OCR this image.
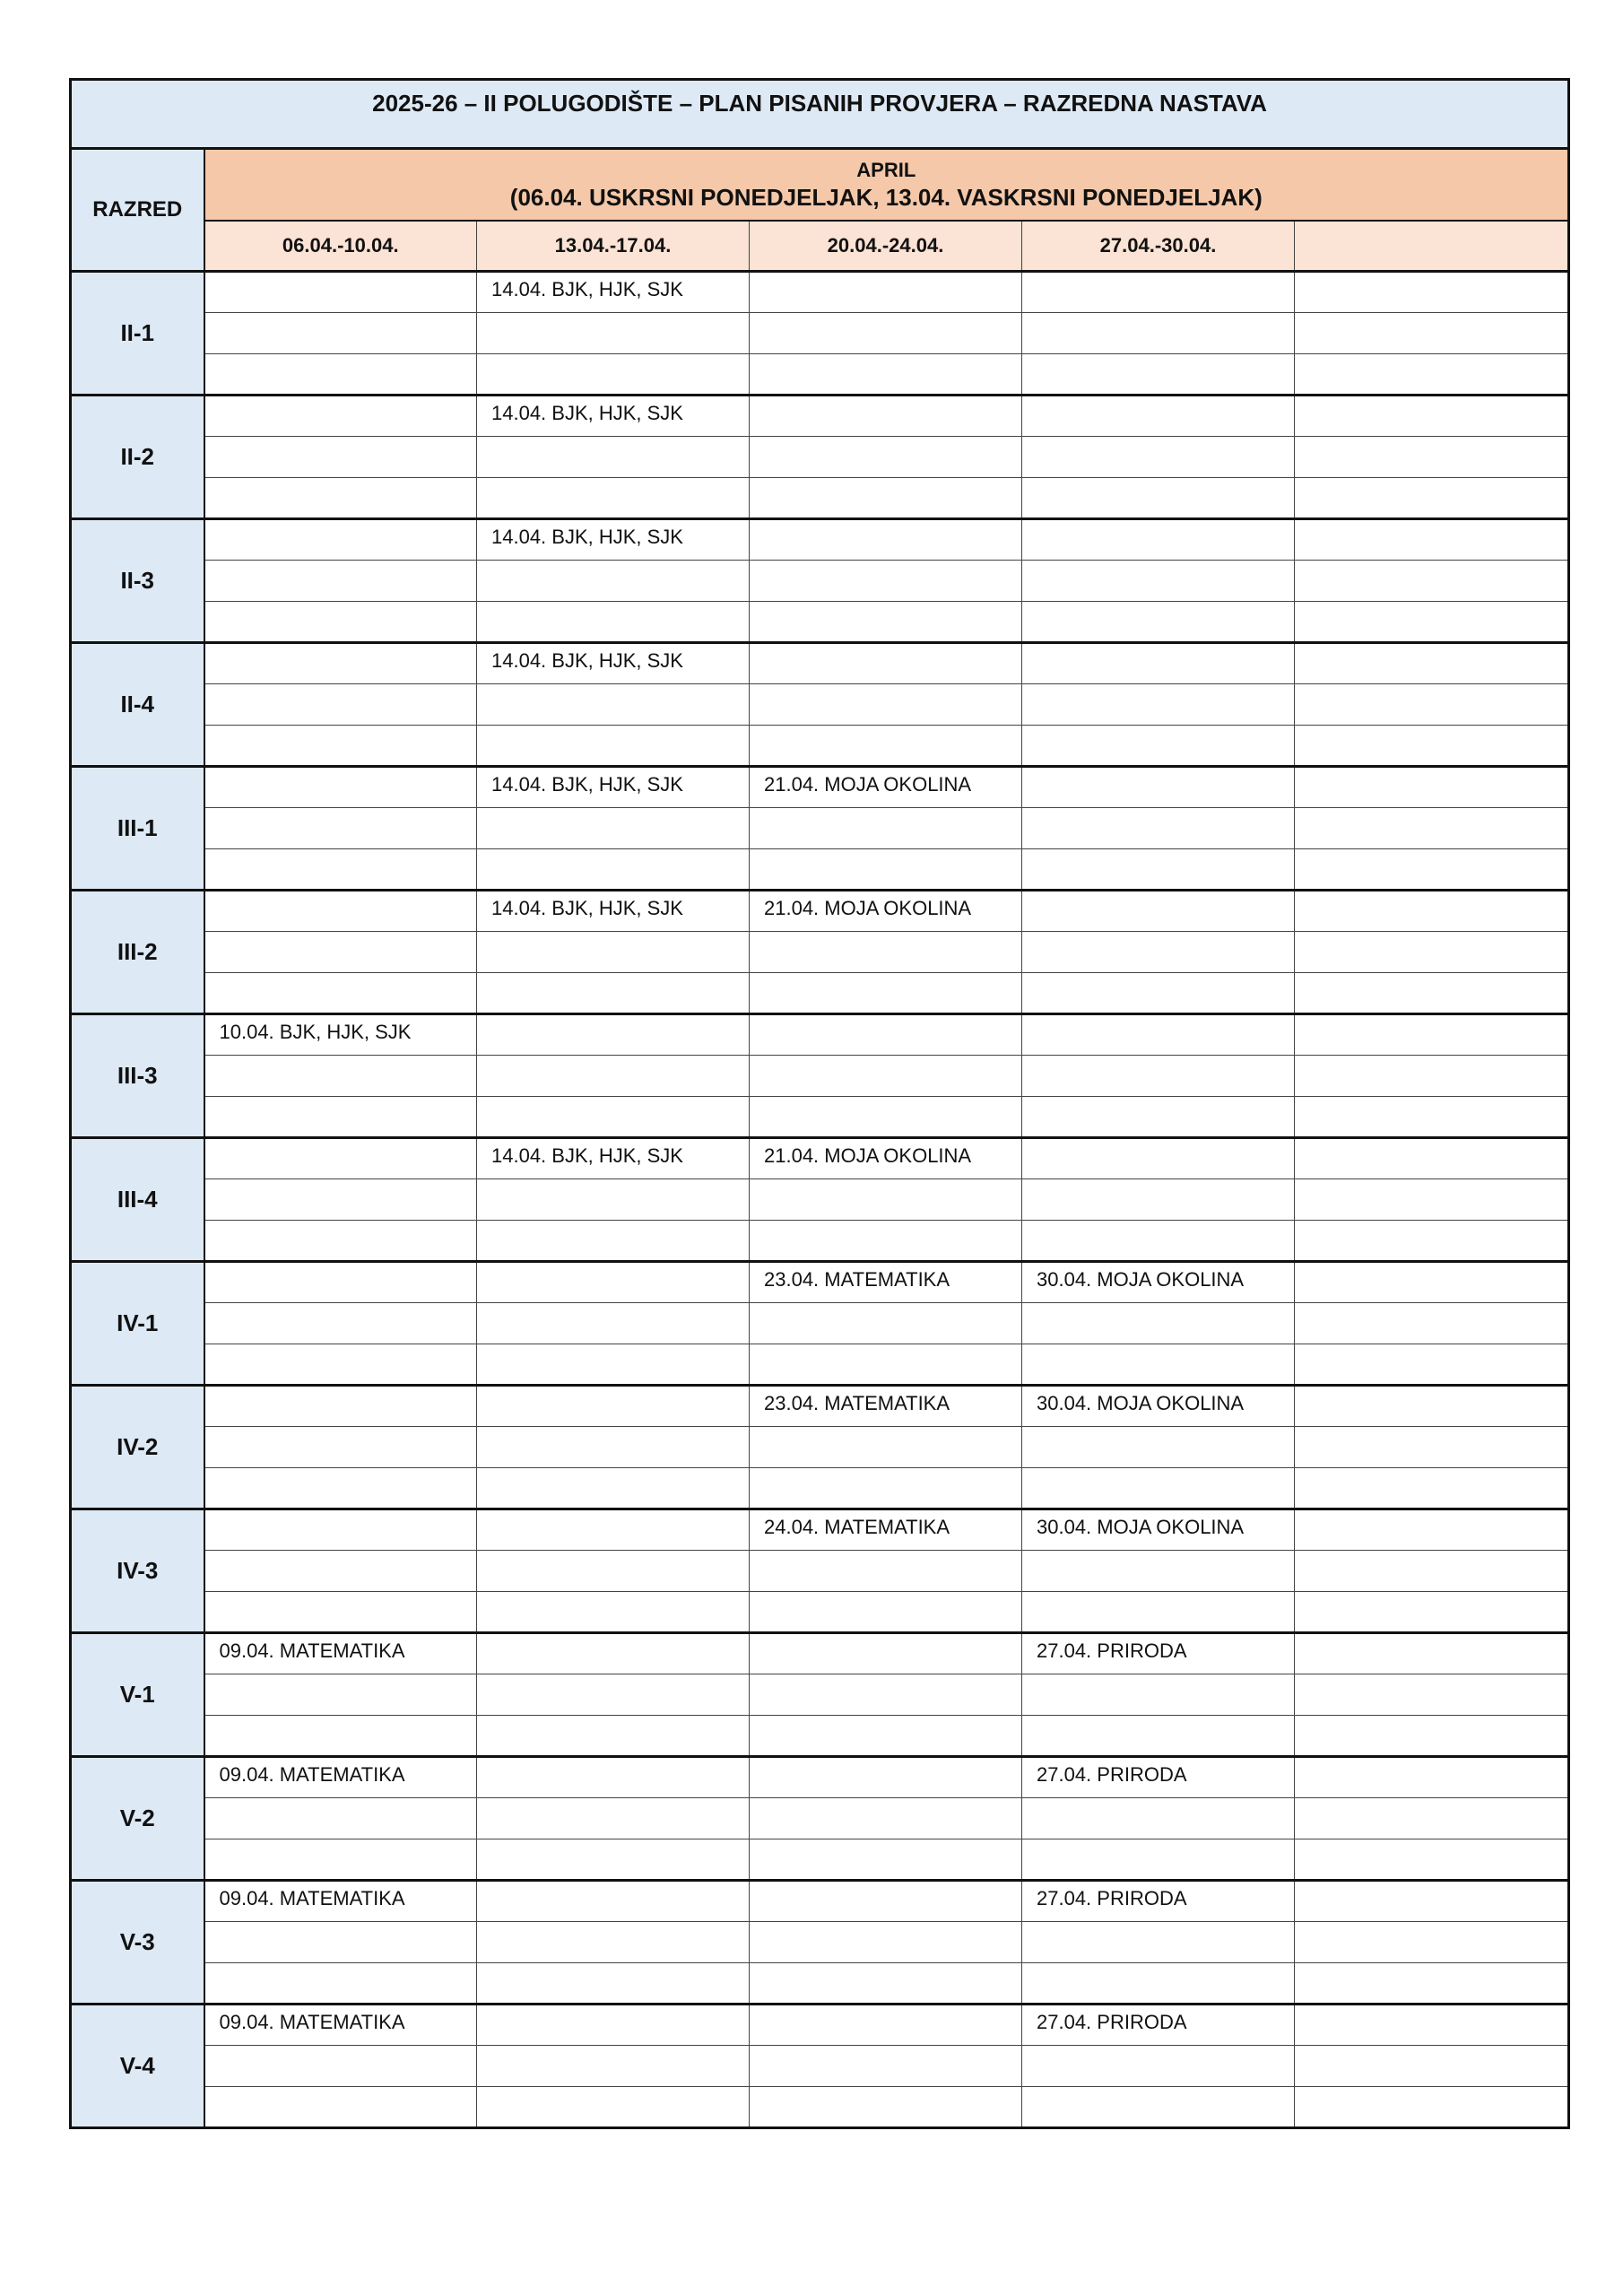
2025-26 – II POLUGODIŠTE – PLAN PISANIH PROVJERA – RAZREDNA NASTAVA					
RAZRED	APRIL
(06.04. USKRSNI PONEDJELJAK, 13.04. VASKRSNI PONEDJELJAK)				

	06.04.-10.04.	13.04.-17.04.	20.04.-24.04.	27.04.-30.04.	
II-1		14.04. BJK, HJK, SJK			

II-2		14.04. BJK, HJK, SJK			

II-3		14.04. BJK, HJK, SJK			

II-4		14.04. BJK, HJK, SJK			

III-1		14.04. BJK, HJK, SJK	21.04. MOJA OKOLINA		

III-2		14.04. BJK, HJK, SJK	21.04. MOJA OKOLINA		

III-3	10.04. BJK, HJK, SJK				

III-4		14.04. BJK, HJK, SJK	21.04. MOJA OKOLINA		

IV-1			23.04. MATEMATIKA	30.04. MOJA OKOLINA	

IV-2			23.04. MATEMATIKA	30.04. MOJA OKOLINA	

IV-3			24.04. MATEMATIKA	30.04. MOJA OKOLINA	

V-1	09.04. MATEMATIKA			27.04. PRIRODA	

V-2	09.04. MATEMATIKA			27.04. PRIRODA	

V-3	09.04. MATEMATIKA			27.04. PRIRODA	

V-4	09.04. MATEMATIKA			27.04. PRIRODA	
